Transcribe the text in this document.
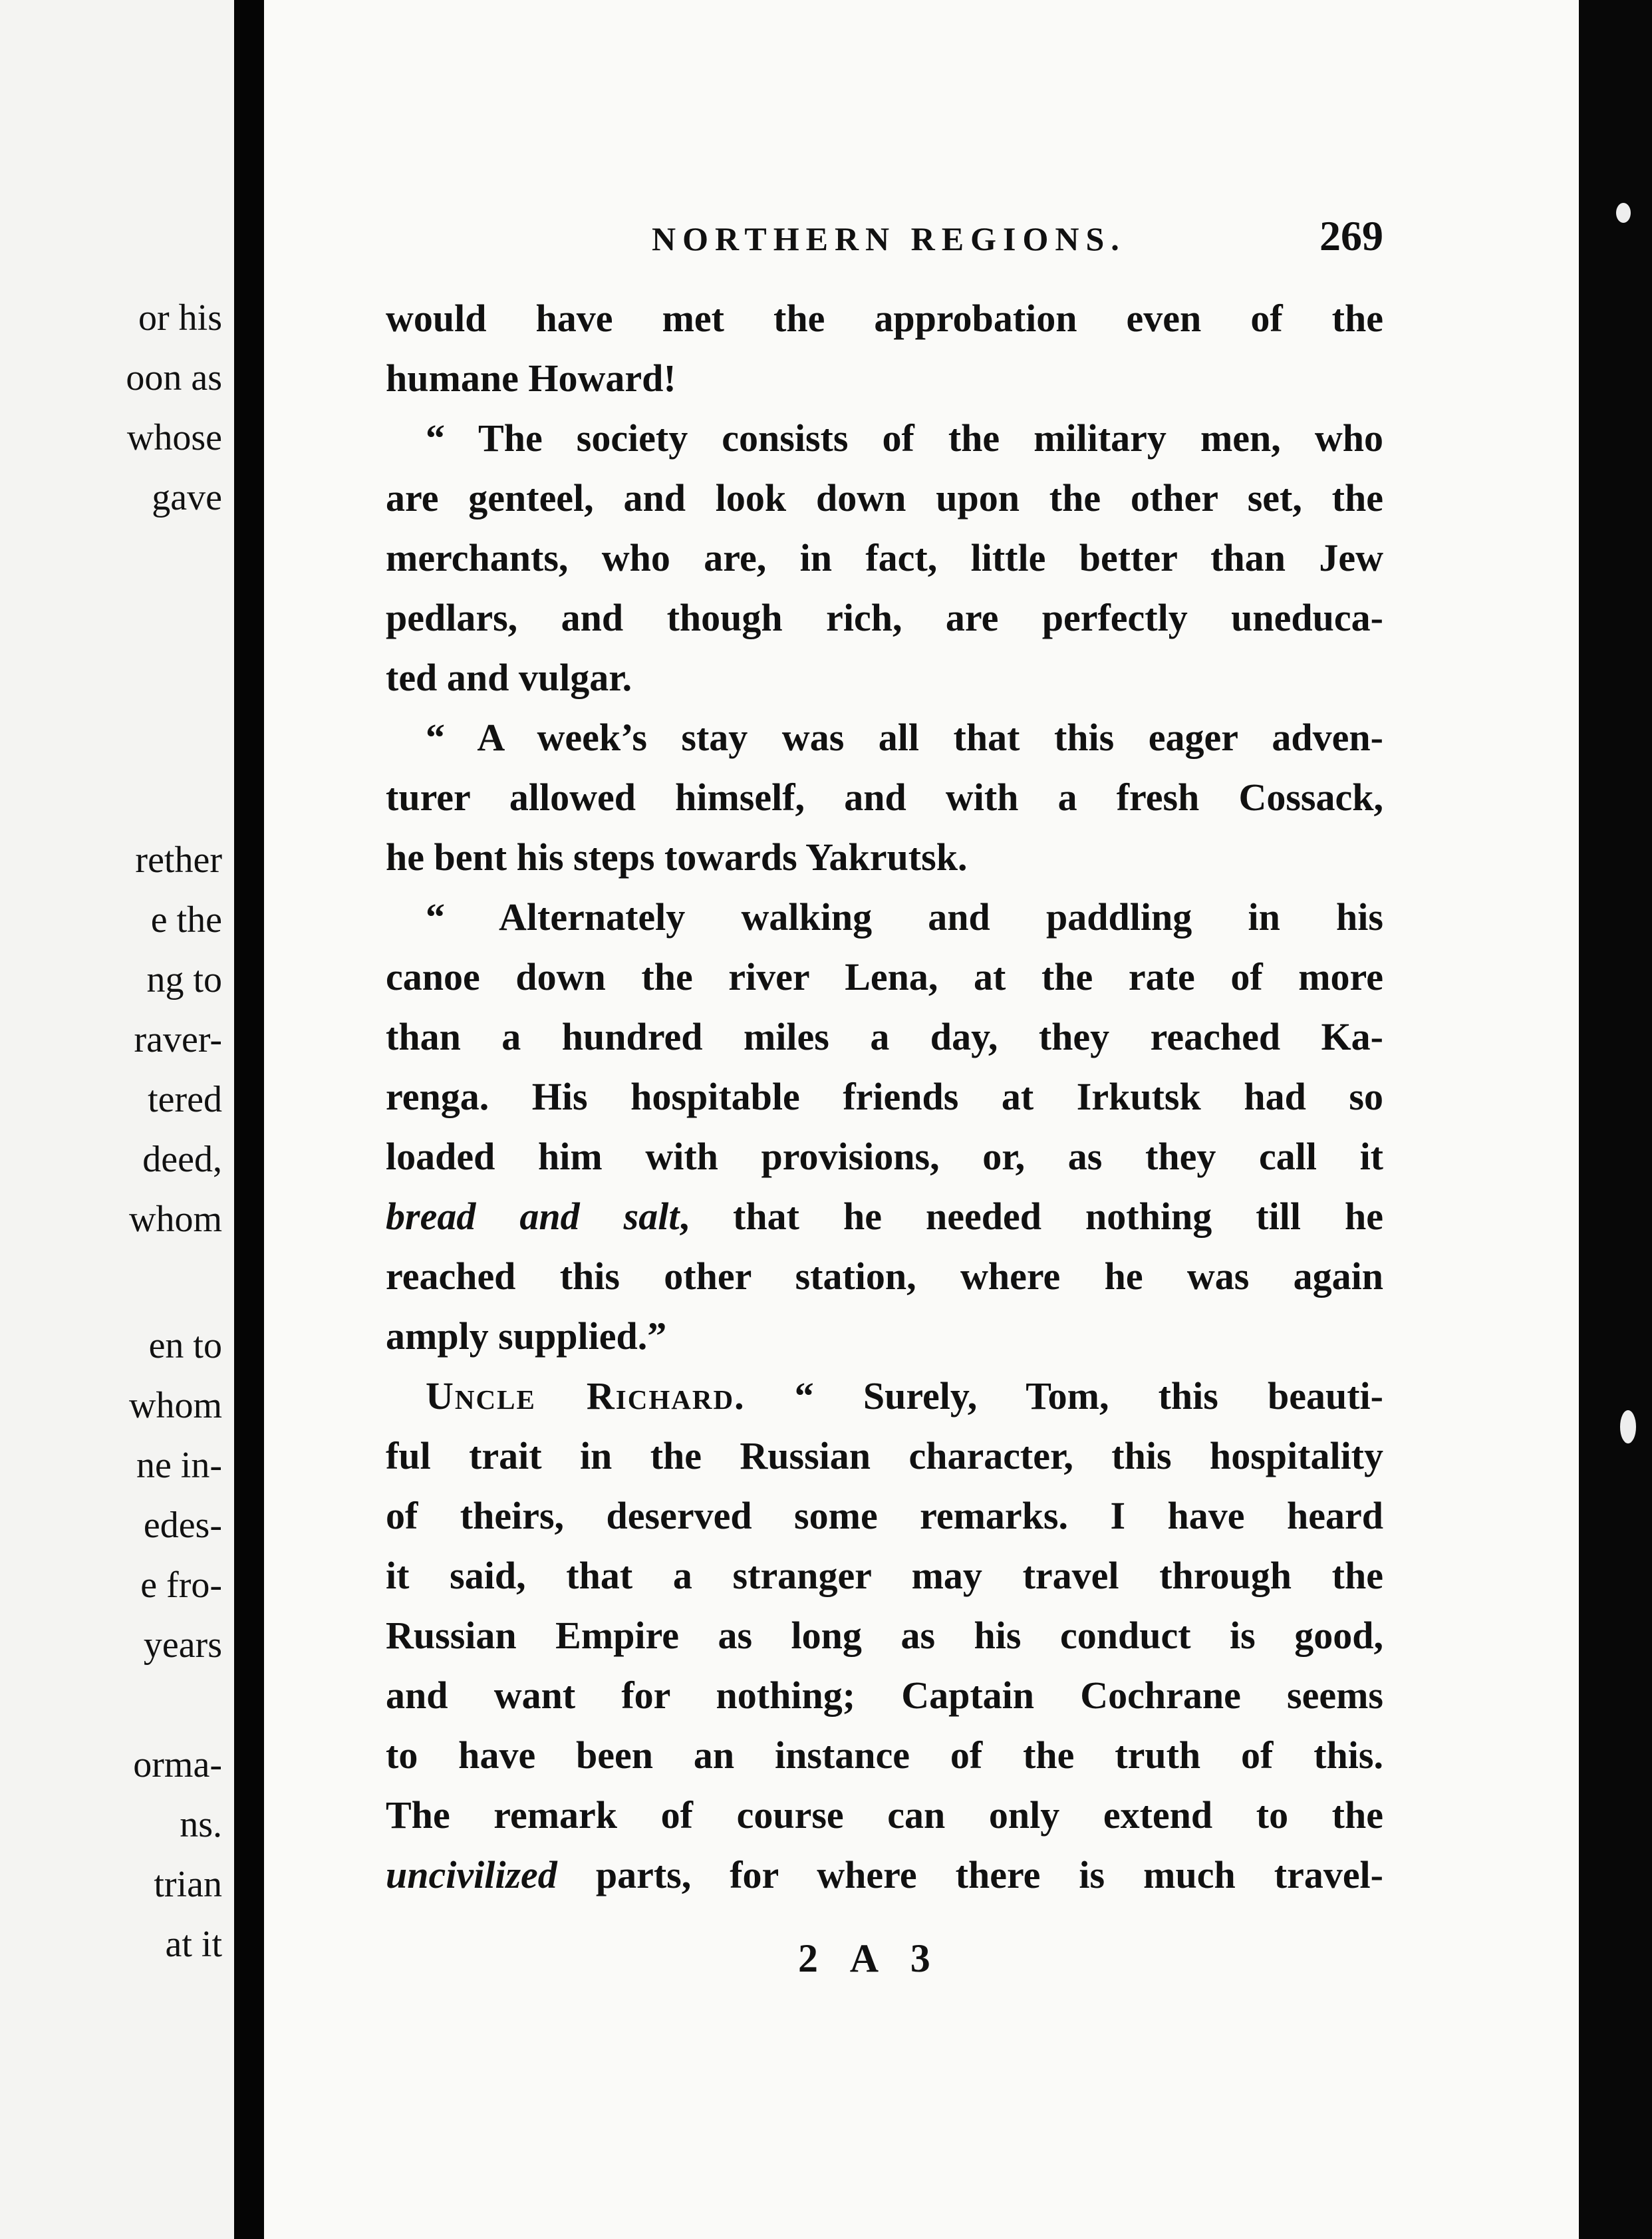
or his
oon as
whose
gave
rether
e the
ng to
raver-
tered
deed,
whom
en to
whom
ne in-
edes-
e fro-
years
orma-
ns.
trian
at it
NORTHERN REGIONS.	269
would have met the approbation even of the
humane Howard!
“ The society consists of the military men, who
are genteel, and look down upon the other set, the
merchants, who are, in fact, little better than Jew
pedlars, and though rich, are perfectly uneduca-
ted and vulgar.
“ A week’s stay was all that this eager adven-
turer allowed himself, and with a fresh Cossack,
he bent his steps towards Yakrutsk.
“ Alternately walking and paddling in his
canoe down the river Lena, at the rate of more
than a hundred miles a day, they reached Ka-
renga. His hospitable friends at Irkutsk had so
loaded him with provisions, or, as they call it
bread and salt, that he needed nothing till he
reached this other station, where he was again
amply supplied.”
Uncle Richard. “ Surely, Tom, this beauti-
ful trait in the Russian character, this hospitality
of theirs, deserved some remarks. I have heard
it said, that a stranger may travel through the
Russian Empire as long as his conduct is good,
and want for nothing; Captain Cochrane seems
to have been an instance of the truth of this.
The remark of course can only extend to the
uncivilized parts, for where there is much travel-
2 A 3
